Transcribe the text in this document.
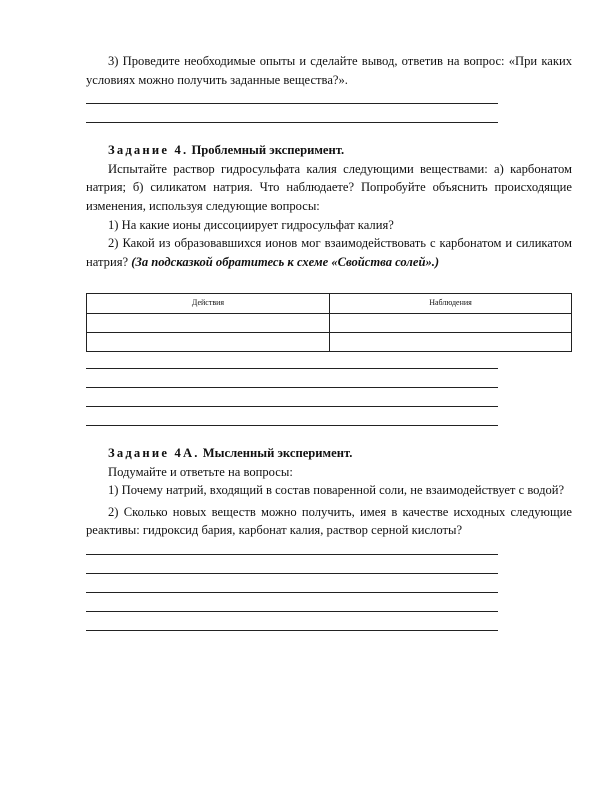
3) Проведите необходимые опыты и сделайте вывод, ответив на вопрос: «При каких условиях можно получить заданные вещества?».

Задание 4. Проблемный эксперимент.

Испытайте раствор гидросульфата калия следующими веществами: а) карбонатом натрия; б) силикатом натрия. Что наблюдаете? Попробуйте объяснить происходящие изменения, используя следующие вопросы:

1) На какие ионы диссоциирует гидросульфат калия?

2) Какой из образовавшихся ионов мог взаимодействовать с карбонатом и силикатом натрия? (За подсказкой обратитесь к схеме «Свойства солей».)

Действия	Наблюдения

Задание 4А. Мысленный эксперимент.

Подумайте и ответьте на вопросы:

1) Почему натрий, входящий в состав поваренной соли, не взаимодействует с водой?

2) Сколько новых веществ можно получить, имея в качестве исходных следующие реактивы: гидроксид бария, карбонат калия, раствор серной кислоты?
